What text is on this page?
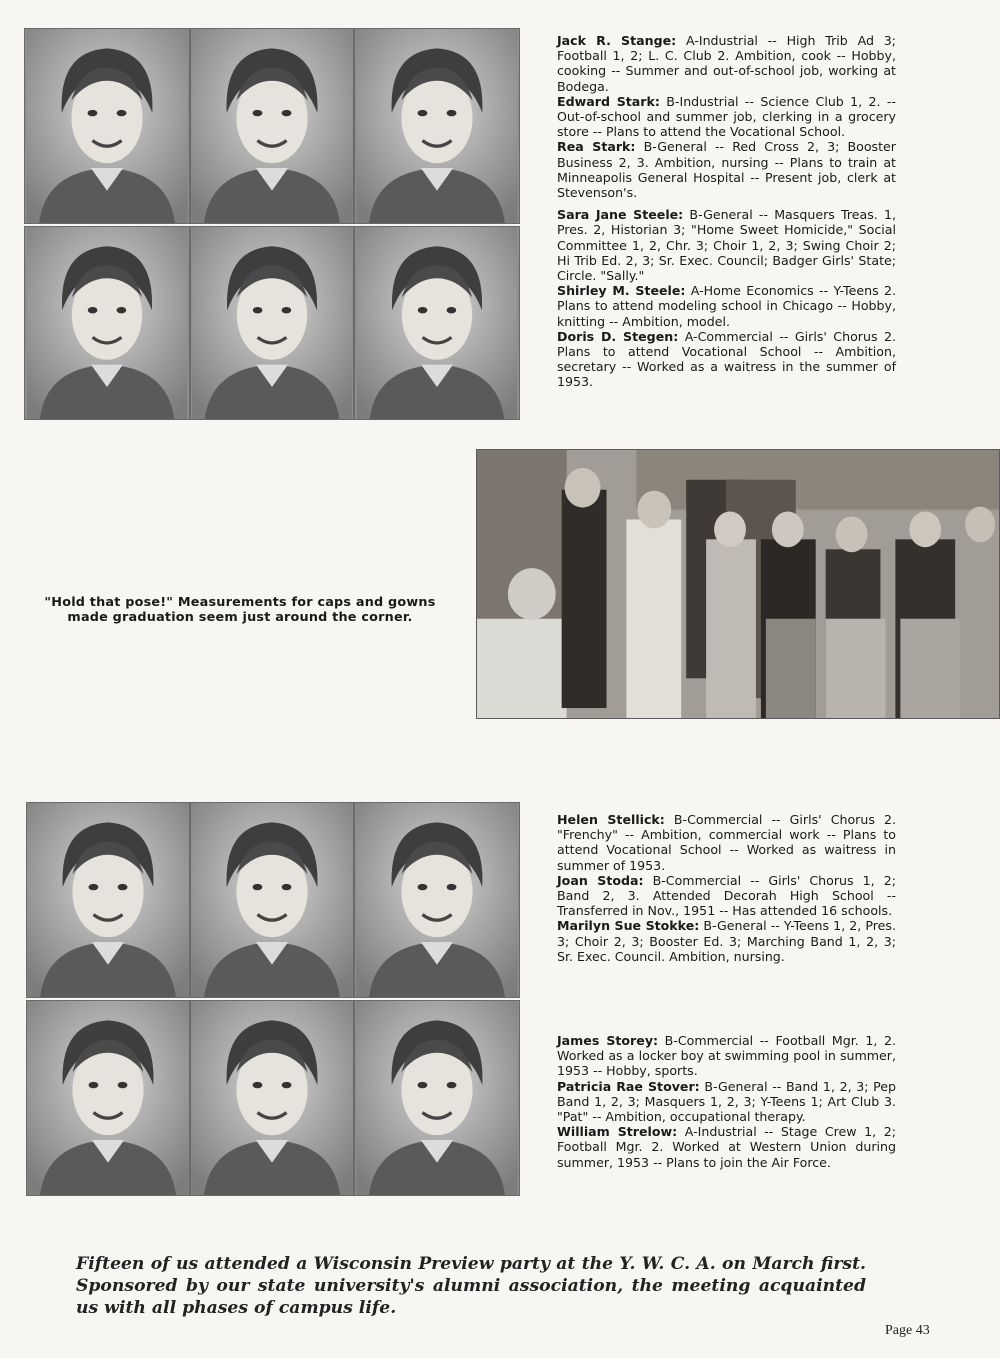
Jack R. Stange: A-Industrial -- High Trib Ad 3; Football 1, 2; L. C. Club 2. Ambition, cook -- Hobby, cooking -- Summer and out-of-school job, working at Bodega.

Edward Stark: B-Industrial -- Science Club 1, 2. -- Out-of-school and summer job, clerking in a grocery store -- Plans to attend the Vocational School.

Rea Stark: B-General -- Red Cross 2, 3; Booster Business 2, 3. Ambition, nursing -- Plans to train at Minneapolis General Hospital -- Present job, clerk at Stevenson's.

Sara Jane Steele: B-General -- Masquers Treas. 1, Pres. 2, Historian 3; "Home Sweet Homicide," Social Committee 1, 2, Chr. 3; Choir 1, 2, 3; Swing Choir 2; Hi Trib Ed. 2, 3; Sr. Exec. Council; Badger Girls' State; Circle. "Sally."

Shirley M. Steele: A-Home Economics -- Y-Teens 2. Plans to attend modeling school in Chicago -- Hobby, knitting -- Ambition, model.

Doris D. Stegen: A-Commercial -- Girls' Chorus 2. Plans to attend Vocational School -- Ambition, secretary -- Worked as a waitress in the summer of 1953.

"Hold that pose!" Measurements for caps and gowns made graduation seem just around the corner.

Helen Stellick: B-Commercial -- Girls' Chorus 2. "Frenchy" -- Ambition, commercial work -- Plans to attend Vocational School -- Worked as waitress in summer of 1953.

Joan Stoda: B-Commercial -- Girls' Chorus 1, 2; Band 2, 3. Attended Decorah High School -- Transferred in Nov., 1951 -- Has attended 16 schools.

Marilyn Sue Stokke: B-General -- Y-Teens 1, 2, Pres. 3; Choir 2, 3; Booster Ed. 3; Marching Band 1, 2, 3; Sr. Exec. Council. Ambition, nursing.

James Storey: B-Commercial -- Football Mgr. 1, 2. Worked as a locker boy at swimming pool in summer, 1953 -- Hobby, sports.

Patricia Rae Stover: B-General -- Band 1, 2, 3; Pep Band 1, 2, 3; Masquers 1, 2, 3; Y-Teens 1; Art Club 3. "Pat" -- Ambition, occupational therapy.

William Strelow: A-Industrial -- Stage Crew 1, 2; Football Mgr. 2. Worked at Western Union during summer, 1953 -- Plans to join the Air Force.

Fifteen of us attended a Wisconsin Preview party at the Y. W. C. A. on March first. Sponsored by our state university's alumni association, the meeting acquainted us with all phases of campus life.
Page 43
